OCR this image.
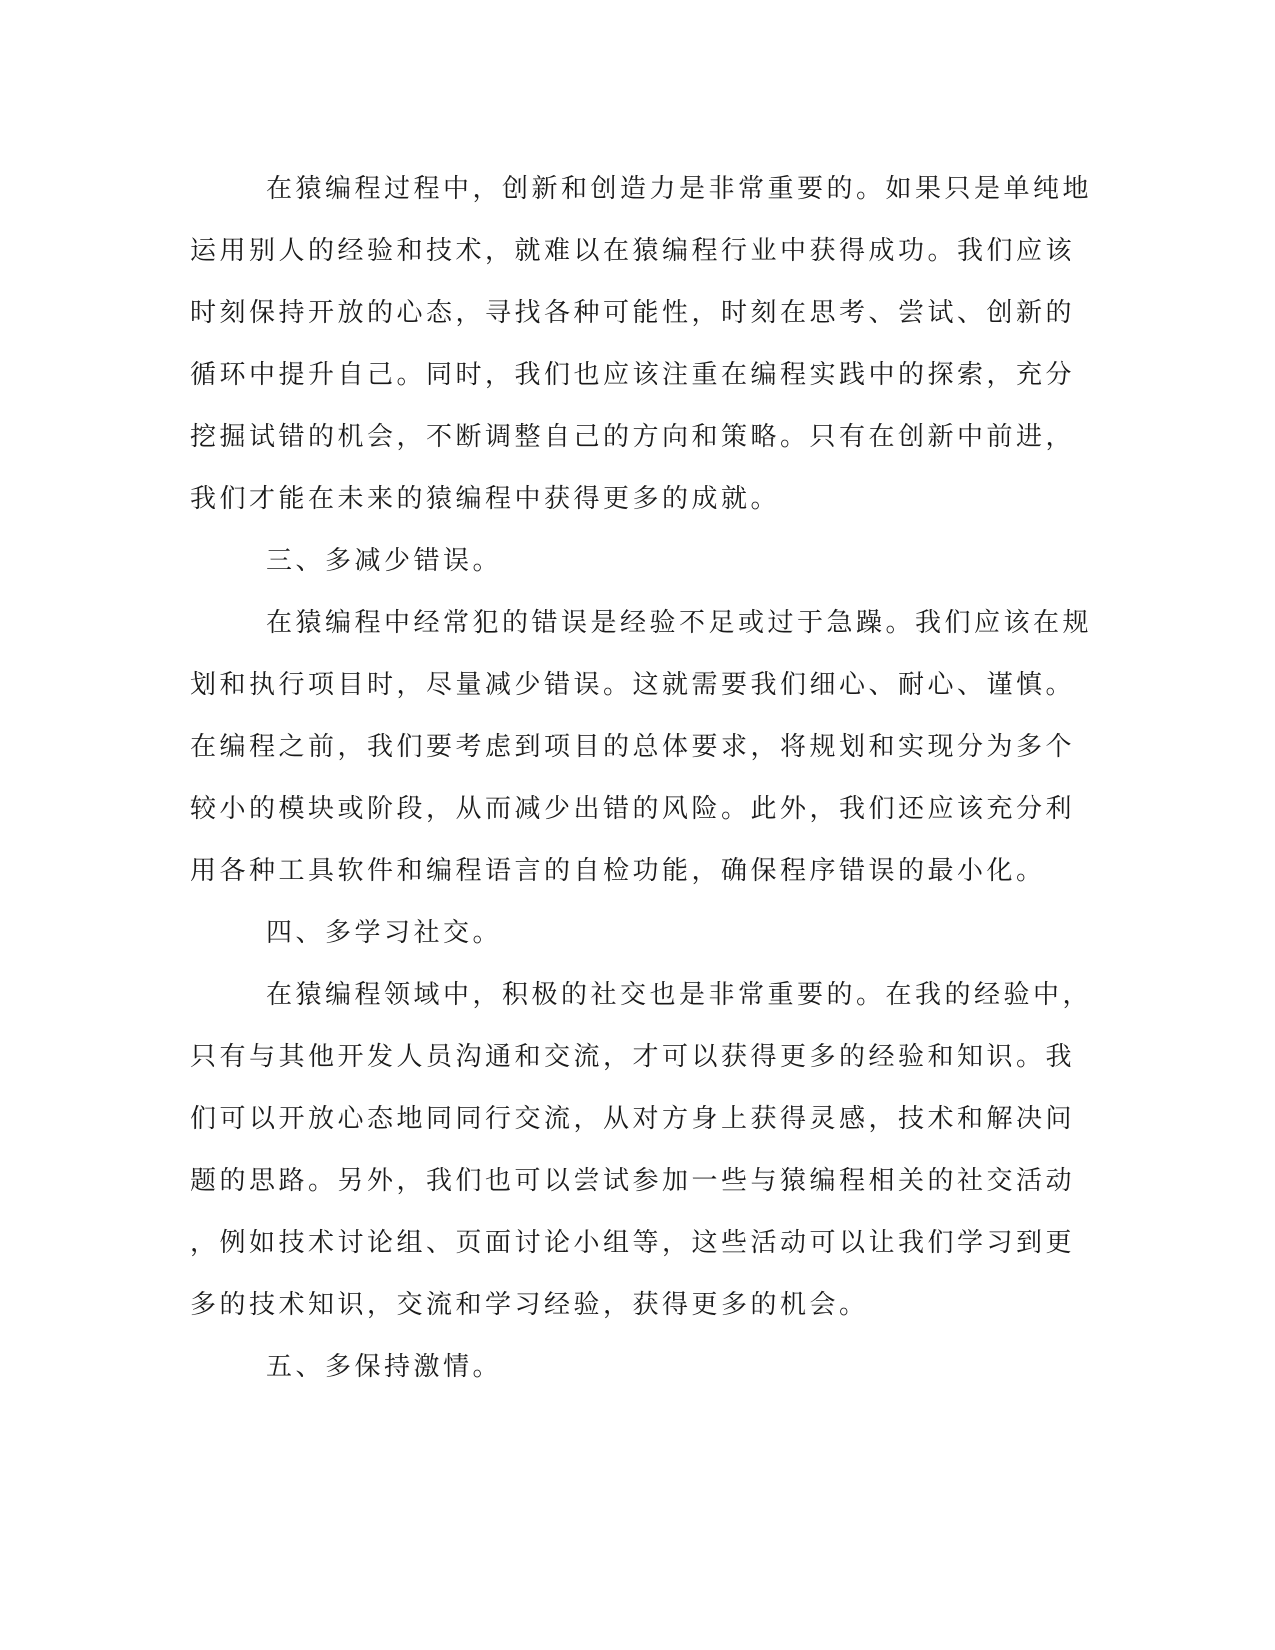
在猿编程过程中，创新和创造力是非常重要的。如果只是单纯地
运用别人的经验和技术，就难以在猿编程行业中获得成功。我们应该
时刻保持开放的心态，寻找各种可能性，时刻在思考、尝试、创新的
循环中提升自己。同时，我们也应该注重在编程实践中的探索，充分
挖掘试错的机会，不断调整自己的方向和策略。只有在创新中前进，
我们才能在未来的猿编程中获得更多的成就。
三、多减少错误。
在猿编程中经常犯的错误是经验不足或过于急躁。我们应该在规
划和执行项目时，尽量减少错误。这就需要我们细心、耐心、谨慎。
在编程之前，我们要考虑到项目的总体要求，将规划和实现分为多个
较小的模块或阶段，从而减少出错的风险。此外，我们还应该充分利
用各种工具软件和编程语言的自检功能，确保程序错误的最小化。
四、多学习社交。
在猿编程领域中，积极的社交也是非常重要的。在我的经验中，
只有与其他开发人员沟通和交流，才可以获得更多的经验和知识。我
们可以开放心态地同同行交流，从对方身上获得灵感，技术和解决问
题的思路。另外，我们也可以尝试参加一些与猿编程相关的社交活动
，例如技术讨论组、页面讨论小组等，这些活动可以让我们学习到更
多的技术知识，交流和学习经验，获得更多的机会。
五、多保持激情。
